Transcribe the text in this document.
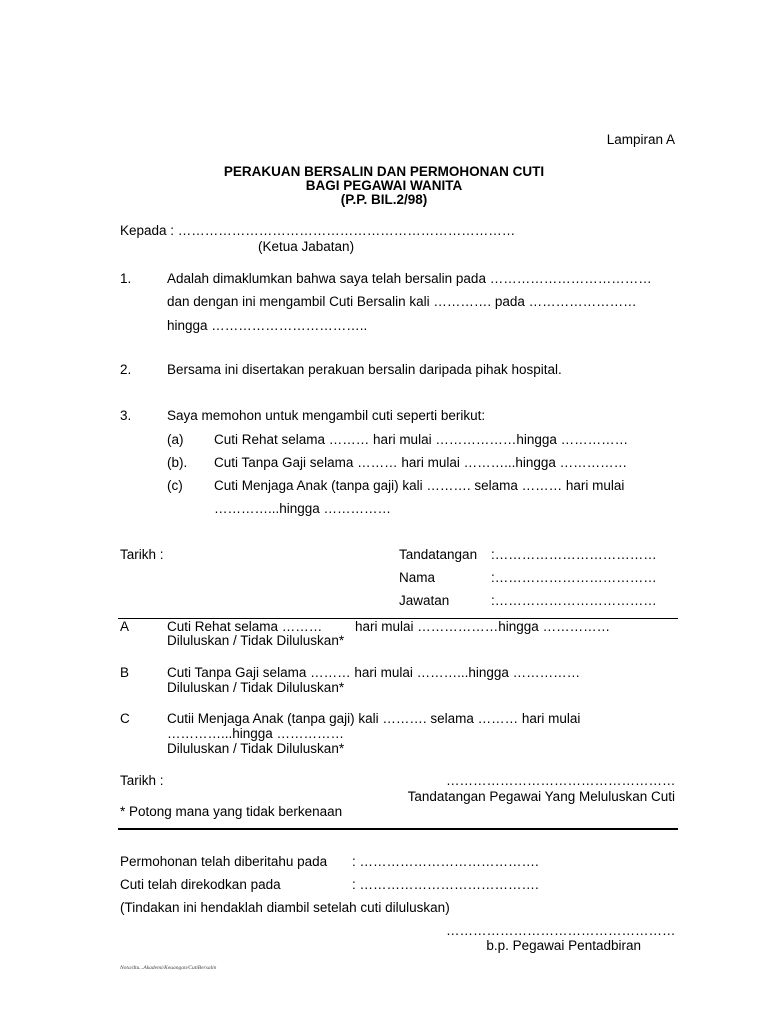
Lampiran A
PERAKUAN BERSALIN DAN PERMOHONAN CUTI
BAGI PEGAWAI WANITA
(P.P. BIL.2/98)
Kepada : …………………………………………………………………
(Ketua Jabatan)
1.	Adalah dimaklumkan bahwa saya telah bersalin pada ………………………………
dan dengan ini mengambil Cuti Bersalin kali …………. pada ……………………
hingga ……………………………..
2.	Bersama ini disertakan perakuan bersalin daripada pihak hospital.
3.	Saya memohon untuk mengambil cuti seperti berikut:
(a) Cuti Rehat selama ……… hari mulai ………………hingga ……………
(b). Cuti Tanpa Gaji selama ……… hari mulai ………...hingga ……………
(c) Cuti Menjaga Anak (tanpa gaji) kali ………. selama ……… hari mulai
…………...hingga ……………
Tarikh :	Tandatangan :………………………………
Nama	:………………………………
Jawatan	:………………………………
A	Cuti Rehat selama ……… hari mulai ………………hingga ……………
Diluluskan / Tidak Diluluskan*
B	Cuti Tanpa Gaji selama ……… hari mulai ………...hingga ……………
Diluluskan / Tidak Diluluskan*
C	Cutii Menjaga Anak (tanpa gaji) kali ………. selama ……… hari mulai
…………...hingga ……………
Diluluskan / Tidak Diluluskan*
Tarikh :	……………………………………………
Tandatangan Pegawai Yang Meluluskan Cuti
* Potong mana yang tidak berkenaan
Permohonan telah diberitahu pada : ………………………………….
Cuti telah direkodkan pada	: ………………………………….
(Tindakan ini hendaklah diambil setelah cuti diluluskan)
……………………………………………
b.p. Pegawai Pentadbiran
Nota/dtu...Akademi/Keuangan/CutiBersalin
